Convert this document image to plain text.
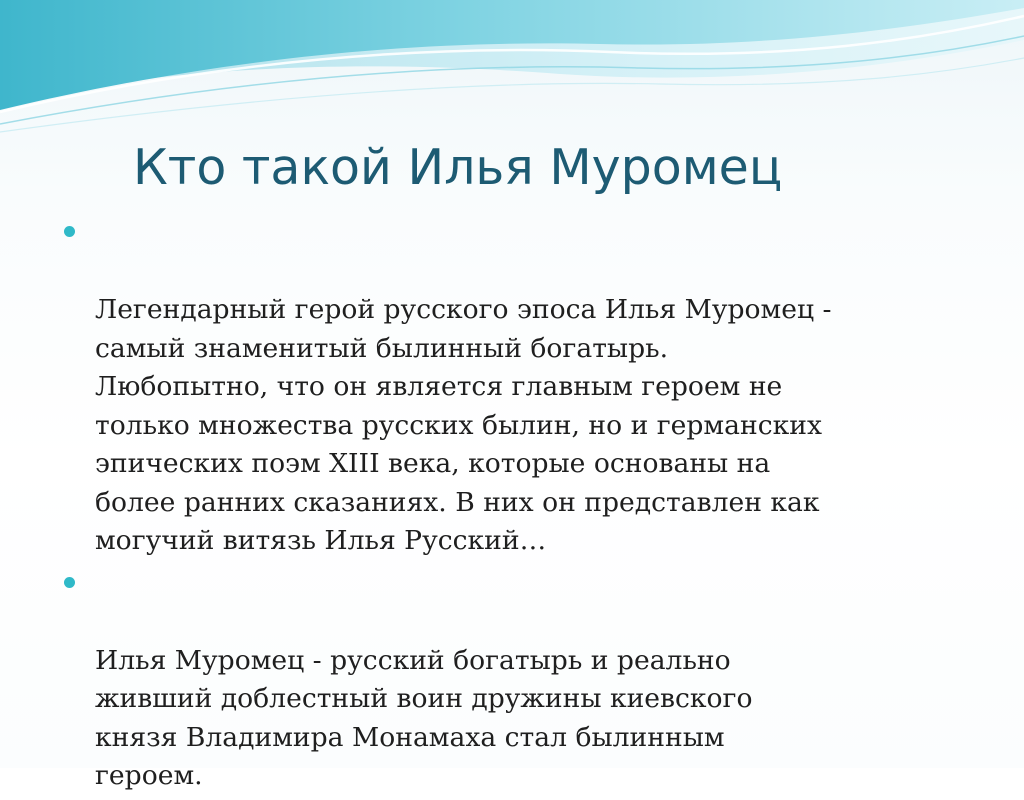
Кто такой Илья Муромец

Легендарный герой русского эпоса Илья Муромец -
самый знаменитый былинный богатырь.
Любопытно, что он является главным героем не
только множества русских былин, но и германских
эпических поэм XIII века, которые основаны на
более ранних сказаниях. В них он представлен как
могучий витязь Илья Русский…

Илья Муромец - русский богатырь и реально
живший доблестный воин дружины киевского
князя Владимира Монамаха стал былинным
героем.
